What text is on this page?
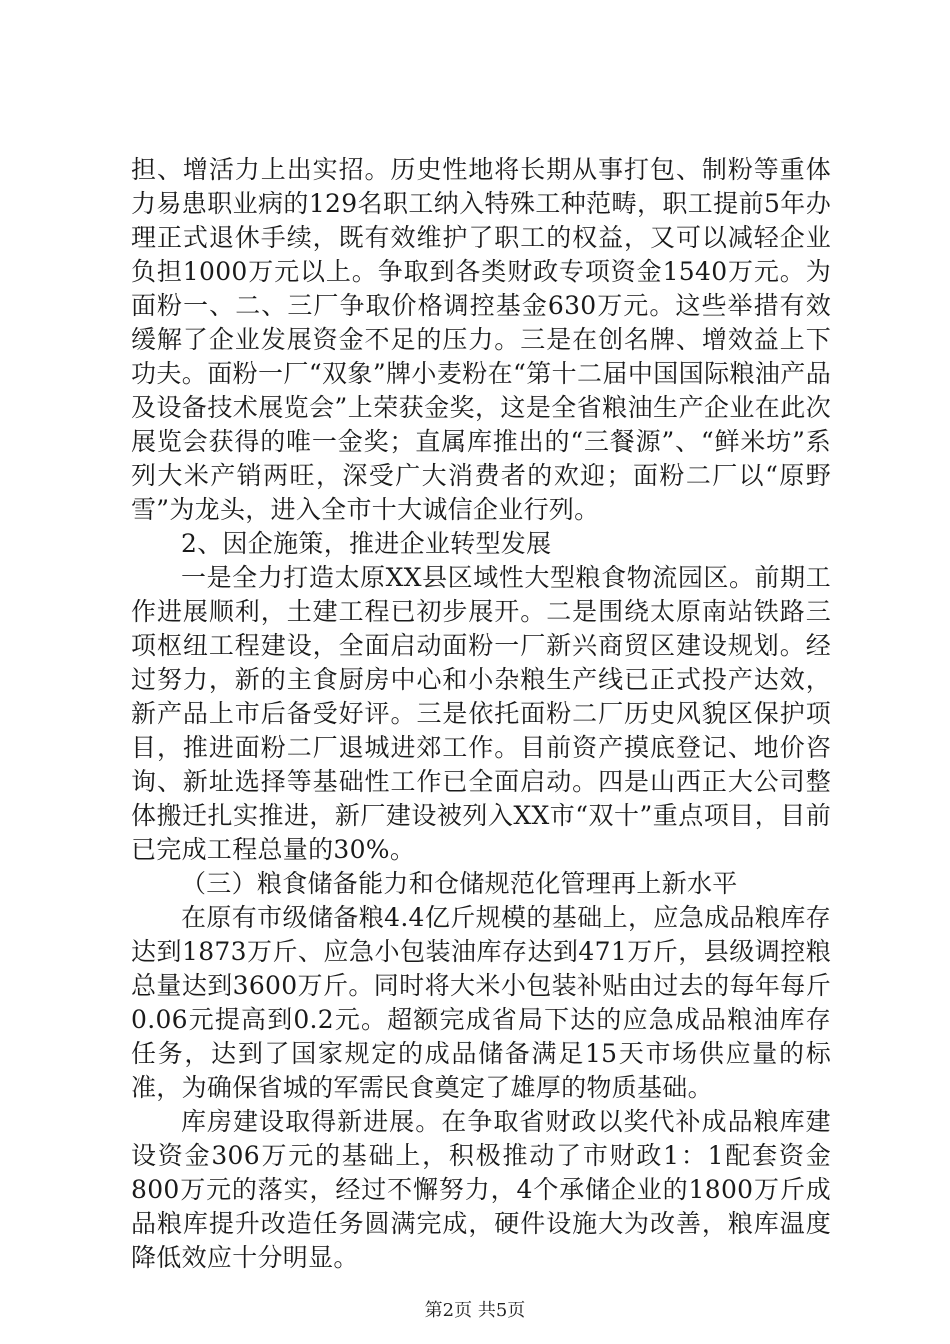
担、增活力上出实招。历史性地将长期从事打包、制粉等重体力易患职业病的129名职工纳入特殊工种范畴，职工提前5年办理正式退休手续，既有效维护了职工的权益，又可以减轻企业负担1000万元以上。争取到各类财政专项资金1540万元。为面粉一、二、三厂争取价格调控基金630万元。这些举措有效缓解了企业发展资金不足的压力。三是在创名牌、增效益上下功夫。面粉一厂“双象”牌小麦粉在“第十二届中国国际粮油产品及设备技术展览会”上荣获金奖，这是全省粮油生产企业在此次展览会获得的唯一金奖；直属库推出的“三餐源”、“鲜米坊”系列大米产销两旺，深受广大消费者的欢迎；面粉二厂以“原野雪”为龙头，进入全市十大诚信企业行列。

2、因企施策，推进企业转型发展

一是全力打造太原XX县区域性大型粮食物流园区。前期工作进展顺利，土建工程已初步展开。二是围绕太原南站铁路三项枢纽工程建设，全面启动面粉一厂新兴商贸区建设规划。经过努力，新的主食厨房中心和小杂粮生产线已正式投产达效，新产品上市后备受好评。三是依托面粉二厂历史风貌区保护项目，推进面粉二厂退城进郊工作。目前资产摸底登记、地价咨询、新址选择等基础性工作已全面启动。四是山西正大公司整体搬迁扎实推进，新厂建设被列入XX市“双十”重点项目，目前已完成工程总量的30%。

（三）粮食储备能力和仓储规范化管理再上新水平

在原有市级储备粮4.4亿斤规模的基础上，应急成品粮库存达到1873万斤、应急小包装油库存达到471万斤，县级调控粮总量达到3600万斤。同时将大米小包装补贴由过去的每年每斤0.06元提高到0.2元。超额完成省局下达的应急成品粮油库存任务，达到了国家规定的成品储备满足15天市场供应量的标准，为确保省城的军需民食奠定了雄厚的物质基础。

库房建设取得新进展。在争取省财政以奖代补成品粮库建设资金306万元的基础上，积极推动了市财政1：1配套资金800万元的落实，经过不懈努力，4个承储企业的1800万斤成品粮库提升改造任务圆满完成，硬件设施大为改善，粮库温度降低效应十分明显。

第2页 共5页
